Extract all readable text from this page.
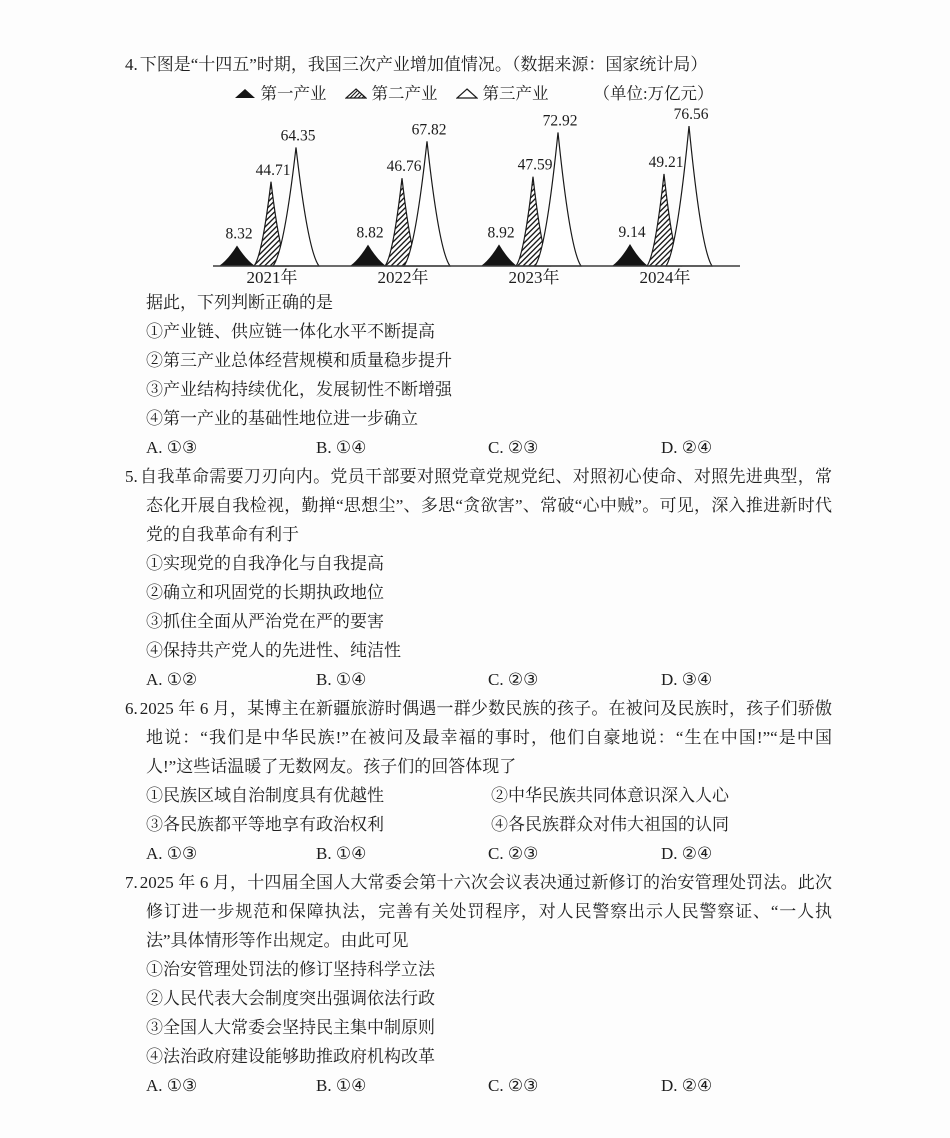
4. 下图是“十四五”时期，我国三次产业增加值情况。（数据来源：国家统计局）
第一产业	第二产业	第三产业	（单位:万亿元）
8.32
44.71
64.35
2021年
8.82
46.76
67.82
2022年
8.92
47.59
72.92
2023年
9.14
49.21
76.56
2024年
据此，下列判断正确的是
①产业链、供应链一体化水平不断提高
②第三产业总体经营规模和质量稳步提升
③产业结构持续优化，发展韧性不断增强
④第一产业的基础性地位进一步确立
A. ①③	B. ①④	C. ②③	D. ②④
5. 自我革命需要刀刃向内。党员干部要对照党章党规党纪、对照初心使命、对照先进典型，常态化开展自我检视，勤掸“思想尘”、多思“贪欲害”、常破“心中贼”。可见，深入推进新时代党的自我革命有利于
①实现党的自我净化与自我提高
②确立和巩固党的长期执政地位
③抓住全面从严治党在严的要害
④保持共产党人的先进性、纯洁性
A. ①②	B. ①④	C. ②③	D. ③④
6. 2025 年 6 月，某博主在新疆旅游时偶遇一群少数民族的孩子。在被问及民族时，孩子们骄傲地说：“我们是中华民族!”在被问及最幸福的事时，他们自豪地说：“生在中国!”“是中国人!”这些话温暖了无数网友。孩子们的回答体现了
①民族区域自治制度具有优越性	②中华民族共同体意识深入人心
③各民族都平等地享有政治权利	④各民族群众对伟大祖国的认同
A. ①③	B. ①④	C. ②③	D. ②④
7. 2025 年 6 月，十四届全国人大常委会第十六次会议表决通过新修订的治安管理处罚法。此次修订进一步规范和保障执法，完善有关处罚程序，对人民警察出示人民警察证、“一人执法”具体情形等作出规定。由此可见
①治安管理处罚法的修订坚持科学立法
②人民代表大会制度突出强调依法行政
③全国人大常委会坚持民主集中制原则
④法治政府建设能够助推政府机构改革
A. ①③	B. ①④	C. ②③	D. ②④
